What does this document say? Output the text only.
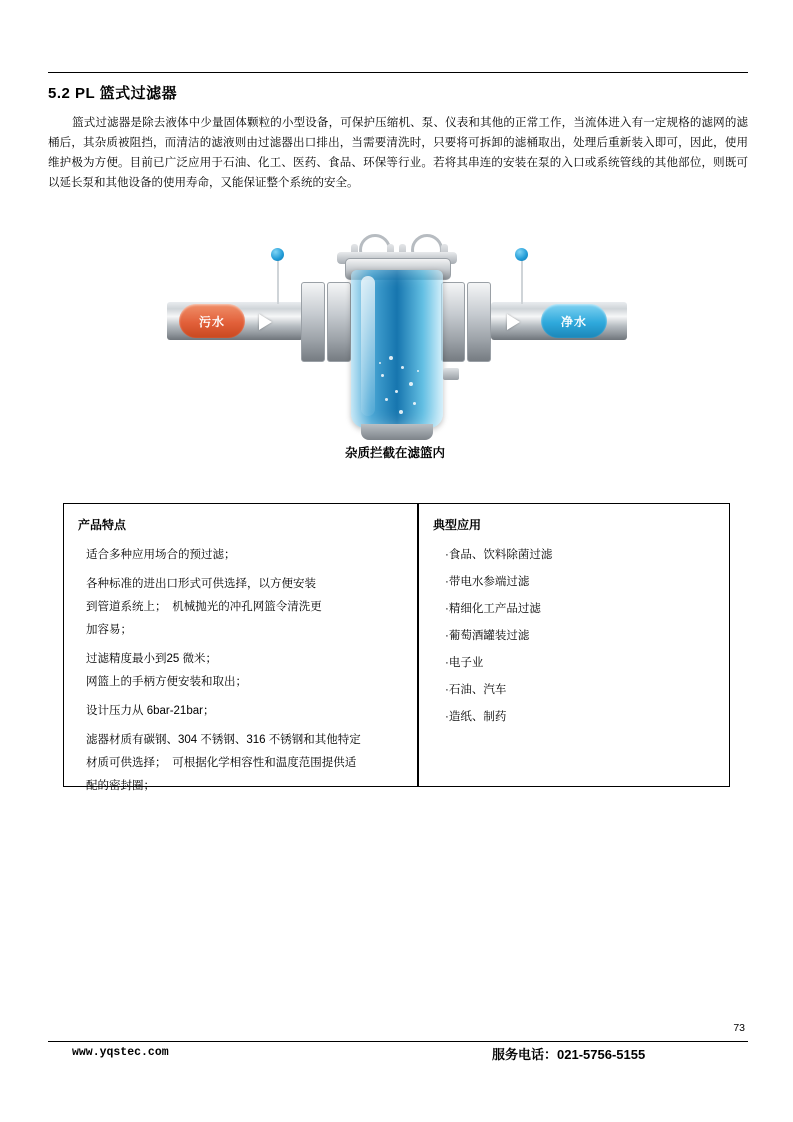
5.2 PL 篮式过滤器
篮式过滤器是除去液体中少量固体颗粒的小型设备，可保护压缩机、泵、仪表和其他的正常工作，当流体进入有一定规格的滤网的滤桶后，其杂质被阻挡，而清洁的滤液则由过滤器出口排出，当需要清洗时，只要将可拆卸的滤桶取出，处理后重新装入即可，因此，使用维护极为方便。目前已广泛应用于石油、化工、医药、食品、环保等行业。若将其串连的安装在泵的入口或系统管线的其他部位，则既可以延长泵和其他设备的使用寿命，又能保证整个系统的安全。
污水	净水
杂质拦截在滤篮内
产品特点

适合多种应用场合的预过滤；

各种标准的进出口形式可供选择，以方便安装

到管道系统上；　机械抛光的冲孔网篮令清洗更

加容易；

过滤精度最小到25 微米；

网篮上的手柄方便安装和取出；

设计压力从 6bar-21bar；

滤器材质有碳钢、304 不锈钢、316 不锈钢和其他特定

材质可供选择；　可根据化学相容性和温度范围提供适

配的密封圈；

典型应用

·食品、饮料除菌过滤

·带电水参端过滤

·精细化工产品过滤

·葡萄酒罐装过滤

·电子业

·石油、汽车

·造纸、制药

73
www.yqstec.com	服务电话：021-5756-5155
